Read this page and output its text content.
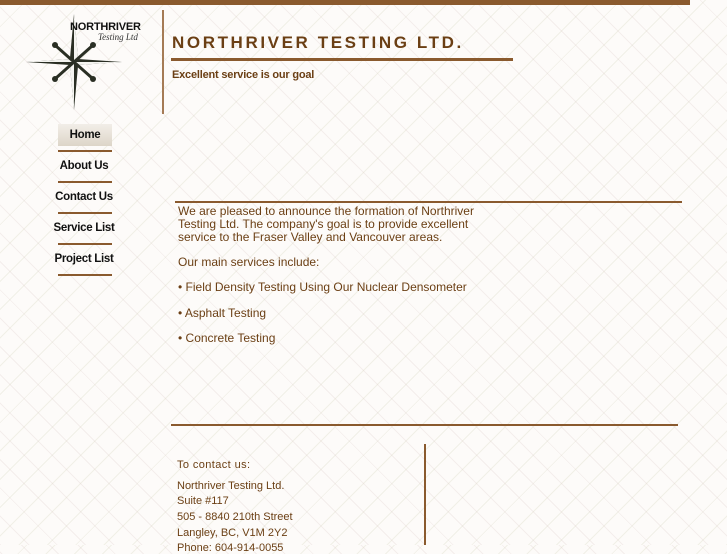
NORTHRIVER
Testing Ltd NORTHRIVER TESTING LTD.
Excellent service is our goal
Home
About Us
Contact Us
Service List
Project List
We are pleased to announce the formation of Northriver Testing Ltd. The company's goal is to provide excellent service to the Fraser Valley and Vancouver areas.
Our main services include:
• Field Density Testing Using Our Nuclear Densometer
• Asphalt Testing
• Concrete Testing
To contact us:
Northriver Testing Ltd.
Suite #117
505 - 8840 210th Street
Langley, BC, V1M 2Y2
Phone: 604-914-0055
